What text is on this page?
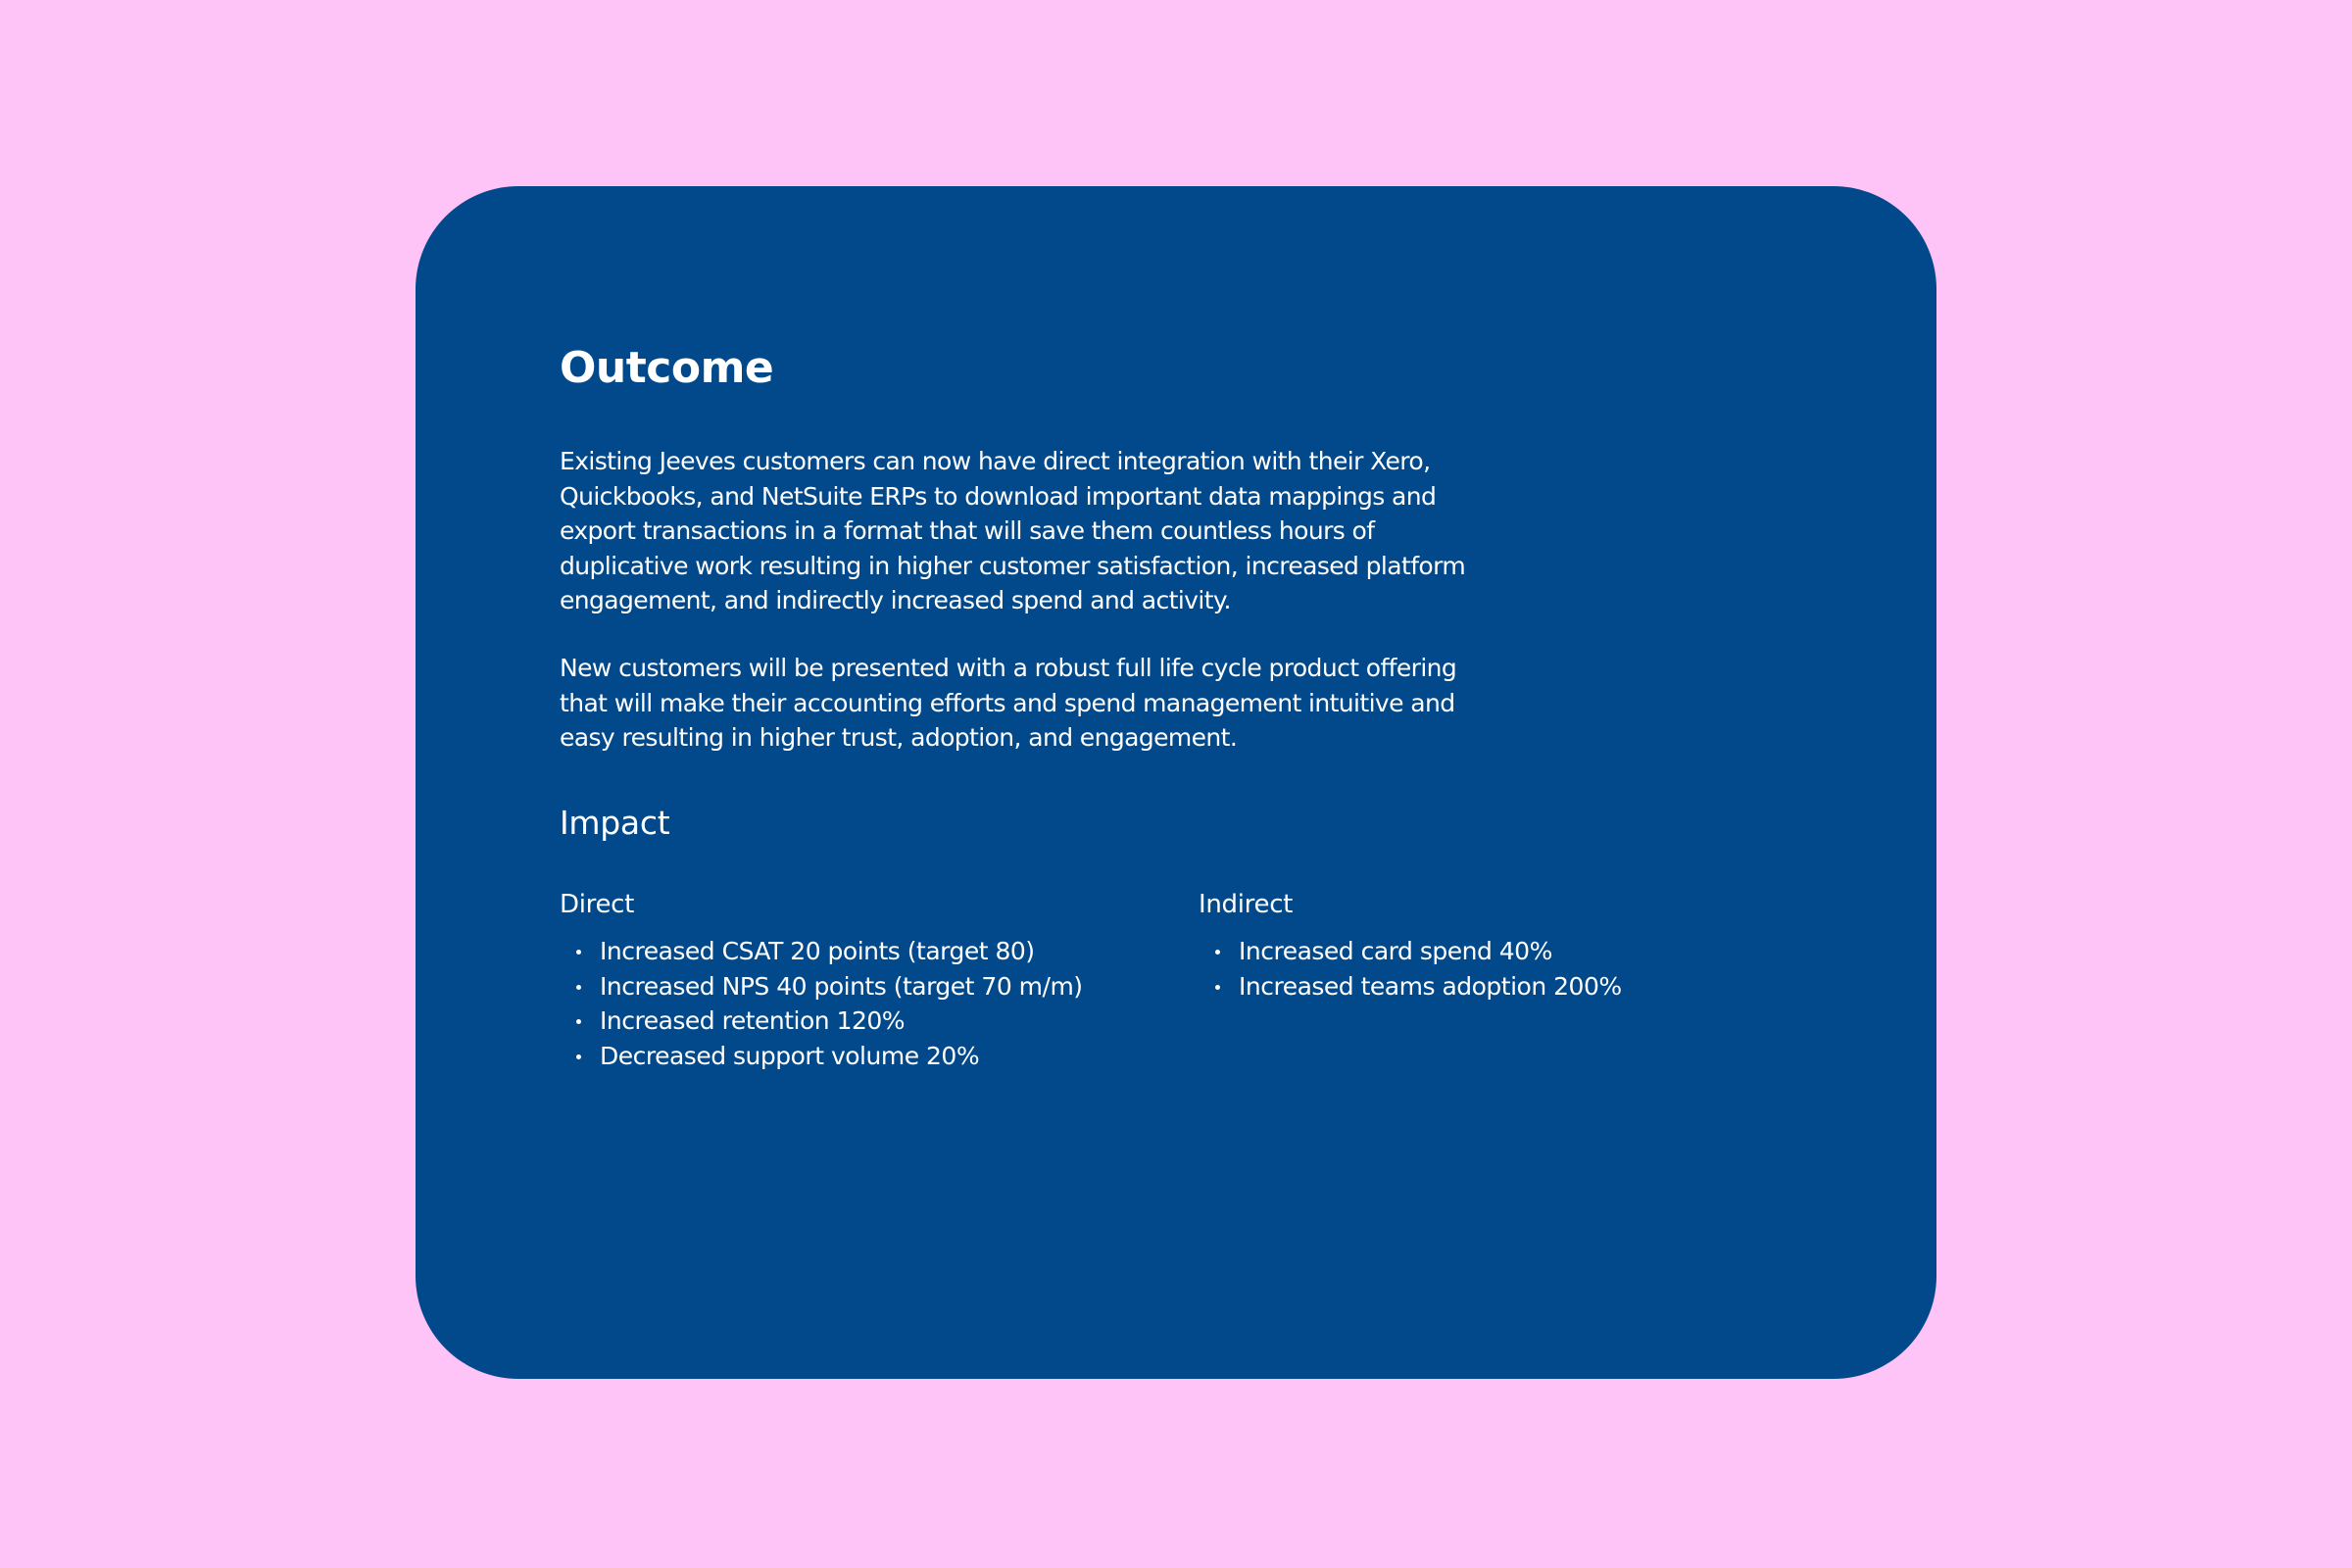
Outcome

Existing Jeeves customers can now have direct integration with their Xero, Quickbooks, and NetSuite ERPs to download important data mappings and export transactions in a format that will save them countless hours of duplicative work resulting in higher customer satisfaction, increased platform engagement, and indirectly increased spend and activity.

New customers will be presented with a robust full life cycle product offering that will make their accounting efforts and spend management intuitive and easy resulting in higher trust, adoption, and engagement.

Impact
Direct
Increased CSAT 20 points (target 80)
Increased NPS 40 points (target 70 m/m)
Increased retention 120%
Decreased support volume 20%
Indirect
Increased card spend 40%
Increased teams adoption 200%
